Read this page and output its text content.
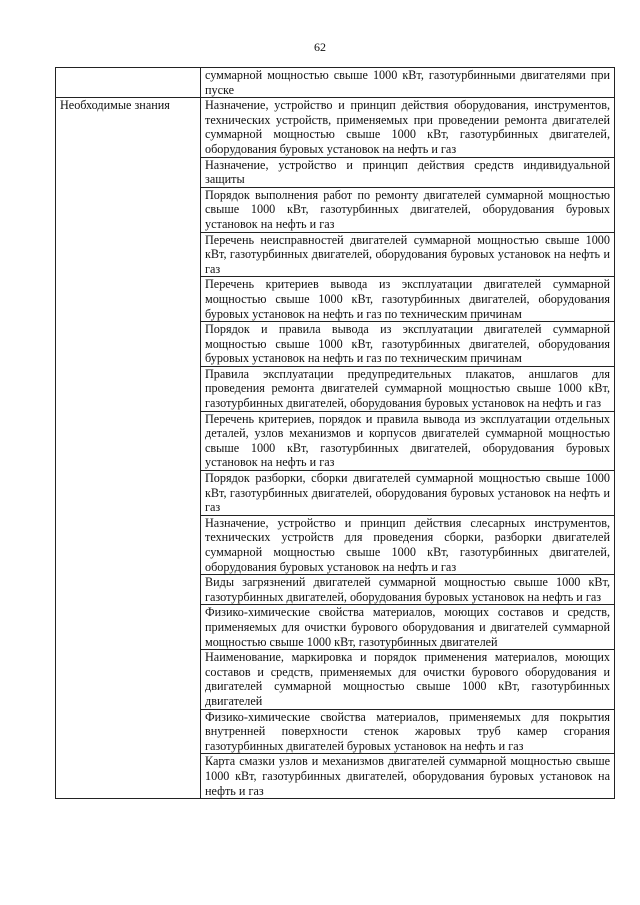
62
	суммарной мощностью свыше 1000 кВт, газотурбинными двигателями при пуске
Необходимые знания	Назначение, устройство и принцип действия оборудования, инструментов, технических устройств, применяемых при проведении ремонта двигателей суммарной мощностью свыше 1000 кВт, газотурбинных двигателей, оборудования буровых установок на нефть и газ
	Назначение, устройство и принцип действия средств индивидуальной защиты
	Порядок выполнения работ по ремонту двигателей суммарной мощностью свыше 1000 кВт, газотурбинных двигателей, оборудования буровых установок на нефть и газ
	Перечень неисправностей двигателей суммарной мощностью свыше 1000 кВт, газотурбинных двигателей, оборудования буровых установок на нефть и газ
	Перечень критериев вывода из эксплуатации двигателей суммарной мощностью свыше 1000 кВт, газотурбинных двигателей, оборудования буровых установок на нефть и газ по техническим причинам
	Порядок и правила вывода из эксплуатации двигателей суммарной мощностью свыше 1000 кВт, газотурбинных двигателей, оборудования буровых установок на нефть и газ по техническим причинам
	Правила эксплуатации предупредительных плакатов, аншлагов для проведения ремонта двигателей суммарной мощностью свыше 1000 кВт, газотурбинных двигателей, оборудования буровых установок на нефть и газ
	Перечень критериев, порядок и правила вывода из эксплуатации отдельных деталей, узлов механизмов и корпусов двигателей суммарной мощностью свыше 1000 кВт, газотурбинных двигателей, оборудования буровых установок на нефть и газ
	Порядок разборки, сборки двигателей суммарной мощностью свыше 1000 кВт, газотурбинных двигателей, оборудования буровых установок на нефть и газ
	Назначение, устройство и принцип действия слесарных инструментов, технических устройств для проведения сборки, разборки двигателей суммарной мощностью свыше 1000 кВт, газотурбинных двигателей, оборудования буровых установок на нефть и газ
	Виды загрязнений двигателей суммарной мощностью свыше 1000 кВт, газотурбинных двигателей, оборудования буровых установок на нефть и газ
	Физико-химические свойства материалов, моющих составов и средств, применяемых для очистки бурового оборудования и двигателей суммарной мощностью свыше 1000 кВт, газотурбинных двигателей
	Наименование, маркировка и порядок применения материалов, моющих составов и средств, применяемых для очистки бурового оборудования и двигателей суммарной мощностью свыше 1000 кВт, газотурбинных двигателей
	Физико-химические свойства материалов, применяемых для покрытия внутренней поверхности стенок жаровых труб камер сгорания газотурбинных двигателей буровых установок на нефть и газ
	Карта смазки узлов и механизмов двигателей суммарной мощностью свыше 1000 кВт, газотурбинных двигателей, оборудования буровых установок на нефть и газ
